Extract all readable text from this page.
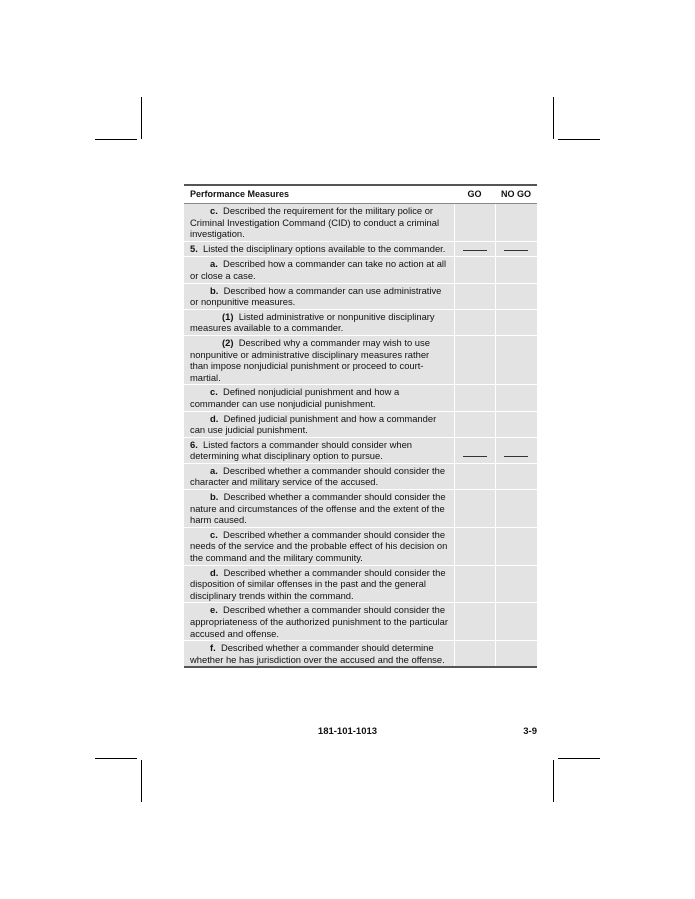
Performance Measures	GO	NO GO
c. Described the requirement for the military police or Criminal Investigation Command (CID) to conduct a criminal investigation.		
5. Listed the disciplinary options available to the commander.		
a. Described how a commander can take no action at all or close a case.		
b. Described how a commander can use administrative or nonpunitive measures.		
(1) Listed administrative or nonpunitive disciplinary measures available to a commander.		
(2) Described why a commander may wish to use nonpunitive or administrative disciplinary measures rather than impose nonjudicial punishment or proceed to court-martial.		
c. Defined nonjudicial punishment and how a commander can use nonjudicial punishment.		
d. Defined judicial punishment and how a commander can use judicial punishment.		
6. Listed factors a commander should consider when determining what disciplinary option to pursue.		
a. Described whether a commander should consider the character and military service of the accused.		
b. Described whether a commander should consider the nature and circumstances of the offense and the extent of the harm caused.		
c. Described whether a commander should consider the needs of the service and the probable effect of his decision on the command and the military community.		
d. Described whether a commander should consider the disposition of similar offenses in the past and the general disciplinary trends within the command.		
e. Described whether a commander should consider the appropriateness of the authorized punishment to the particular accused and offense.		
f. Described whether a commander should determine whether he has jurisdiction over the accused and the offense.		
181-101-1013	3-9
